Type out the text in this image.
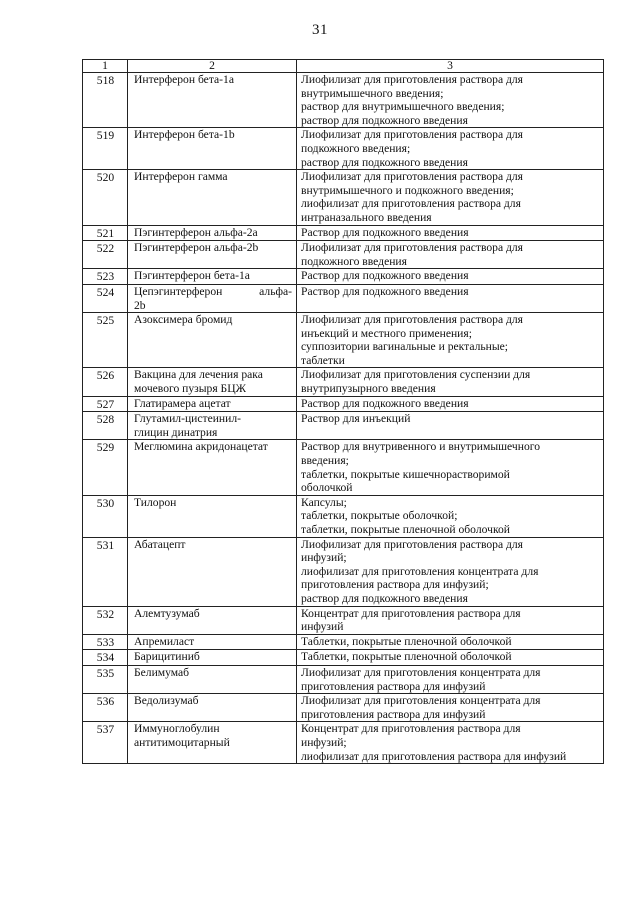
31
1	2	3
518	Интерферон бета-1а	Лиофилизат для приготовления раствора для
внутримышечного введения;
раствор для внутримышечного введения;
раствор для подкожного введения

519	Интерферон бета-1b	Лиофилизат для приготовления раствора для
подкожного введения;
раствор для подкожного введения

520	Интерферон гамма	Лиофилизат для приготовления раствора для
внутримышечного и подкожного введения;
лиофилизат для приготовления раствора для
интраназального введения

521	Пэгинтерферон альфа-2а	Раствор для подкожного введения

522	Пэгинтерферон альфа-2b	Лиофилизат для приготовления раствора для
подкожного введения

523	Пэгинтерферон бета-1а	Раствор для подкожного введения

524	Цепэгинтерферон альфа-
2b	Раствор для подкожного введения

525	Азоксимера бромид	Лиофилизат для приготовления раствора для
инъекций и местного применения;
суппозитории вагинальные и ректальные;
таблетки

526	Вакцина для лечения рака
мочевого пузыря БЦЖ	Лиофилизат для приготовления суспензии для
внутрипузырного введения

527	Глатирамера ацетат	Раствор для подкожного введения

528	Глутамил-цистеинил-
глицин динатрия	Раствор для инъекций

529	Меглюмина акридонацетат	Раствор для внутривенного и внутримышечного
введения;
таблетки, покрытые кишечнорастворимой
оболочкой

530	Тилорон	Капсулы;
таблетки, покрытые оболочкой;
таблетки, покрытые пленочной оболочкой

531	Абатацепт	Лиофилизат для приготовления раствора для
инфузий;
лиофилизат для приготовления концентрата для
приготовления раствора для инфузий;
раствор для подкожного введения

532	Алемтузумаб	Концентрат для приготовления раствора для
инфузий

533	Апремиласт	Таблетки, покрытые пленочной оболочкой

534	Барицитиниб	Таблетки, покрытые пленочной оболочкой

535	Белимумаб	Лиофилизат для приготовления концентрата для
приготовления раствора для инфузий

536	Ведолизумаб	Лиофилизат для приготовления концентрата для
приготовления раствора для инфузий

537	Иммуноглобулин
антитимоцитарный	Концентрат для приготовления раствора для
инфузий;
лиофилизат для приготовления раствора для инфузий
